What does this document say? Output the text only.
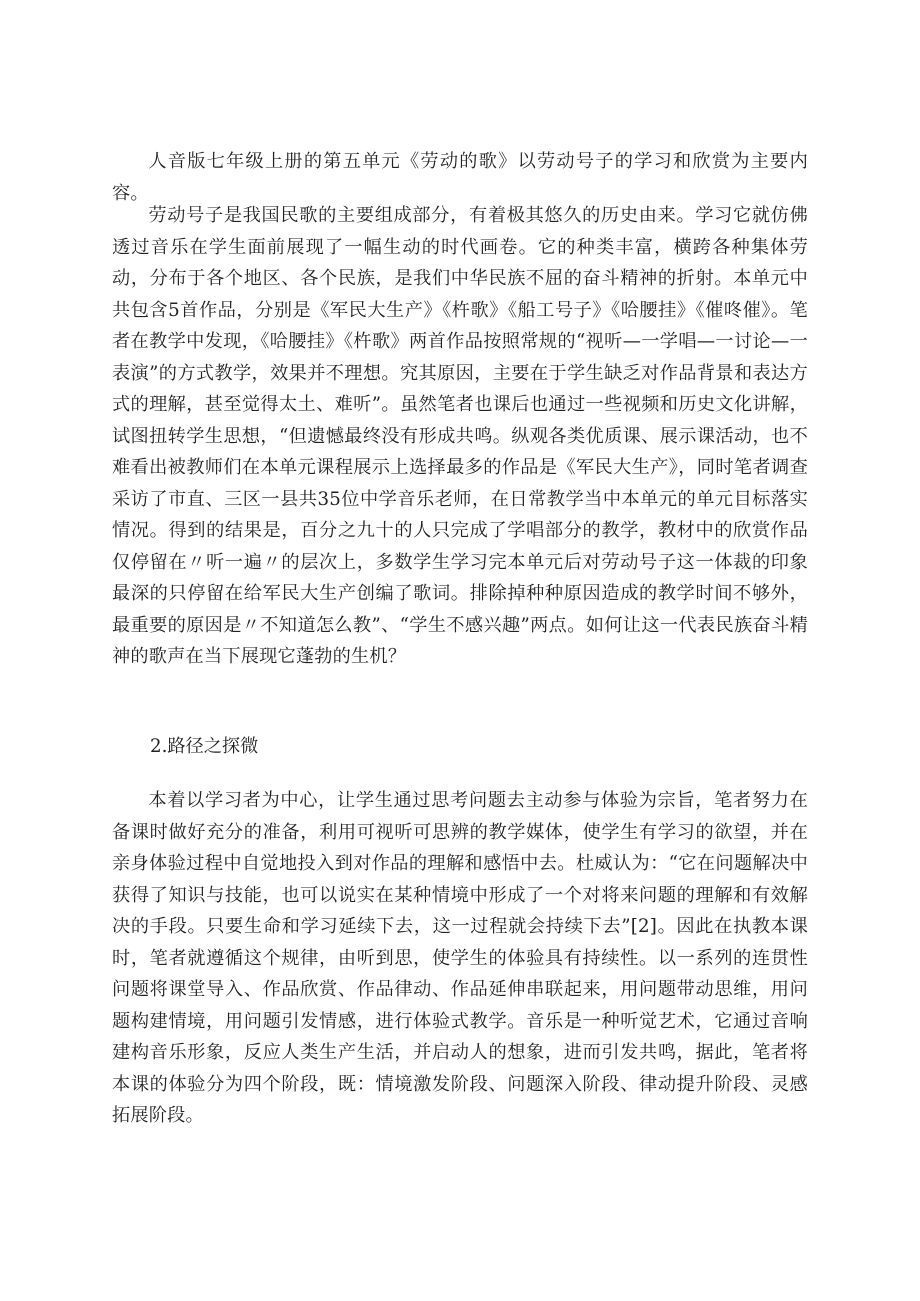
人音版七年级上册的第五单元《劳动的歌》以劳动号子的学习和欣赏为主要内容。

劳动号子是我国民歌的主要组成部分，有着极其悠久的历史由来。学习它就仿佛透过音乐在学生面前展现了一幅生动的时代画卷。它的种类丰富，横跨各种集体劳动，分布于各个地区、各个民族，是我们中华民族不屈的奋斗精神的折射。本单元中共包含5首作品，分别是《军民大生产》《杵歌》《船工号子》《哈腰挂》《催咚催》。笔者在教学中发现，《哈腰挂》《杵歌》两首作品按照常规的“视听—一学唱—一讨论—一表演”的方式教学，效果并不理想。究其原因，主要在于学生缺乏对作品背景和表达方式的理解，甚至觉得太土、难听”。虽然笔者也课后也通过一些视频和历史文化讲解，试图扭转学生思想，“但遗憾最终没有形成共鸣。纵观各类优质课、展示课活动，也不难看出被教师们在本单元课程展示上选择最多的作品是《军民大生产》，同时笔者调查采访了市直、三区一县共35位中学音乐老师，在日常教学当中本单元的单元目标落实情况。得到的结果是，百分之九十的人只完成了学唱部分的教学，教材中的欣赏作品仅停留在〃听一遍〃的层次上，多数学生学习完本单元后对劳动号子这一体裁的印象最深的只停留在给军民大生产创编了歌词。排除掉种种原因造成的教学时间不够外，最重要的原因是〃不知道怎么教”、“学生不感兴趣”两点。如何让这一代表民族奋斗精神的歌声在当下展现它蓬勃的生机？

2.路径之探微

本着以学习者为中心，让学生通过思考问题去主动参与体验为宗旨，笔者努力在备课时做好充分的准备，利用可视听可思辨的教学媒体，使学生有学习的欲望，并在亲身体验过程中自觉地投入到对作品的理解和感悟中去。杜威认为：“它在问题解决中获得了知识与技能，也可以说实在某种情境中形成了一个对将来问题的理解和有效解决的手段。只要生命和学习延续下去，这一过程就会持续下去”[2]。因此在执教本课时，笔者就遵循这个规律，由听到思，使学生的体验具有持续性。以一系列的连贯性问题将课堂导入、作品欣赏、作品律动、作品延伸串联起来，用问题带动思维，用问题构建情境，用问题引发情感，进行体验式教学。音乐是一种听觉艺术，它通过音响建构音乐形象，反应人类生产生活，并启动人的想象，进而引发共鸣，据此，笔者将本课的体验分为四个阶段，既：情境激发阶段、问题深入阶段、律动提升阶段、灵感拓展阶段。
